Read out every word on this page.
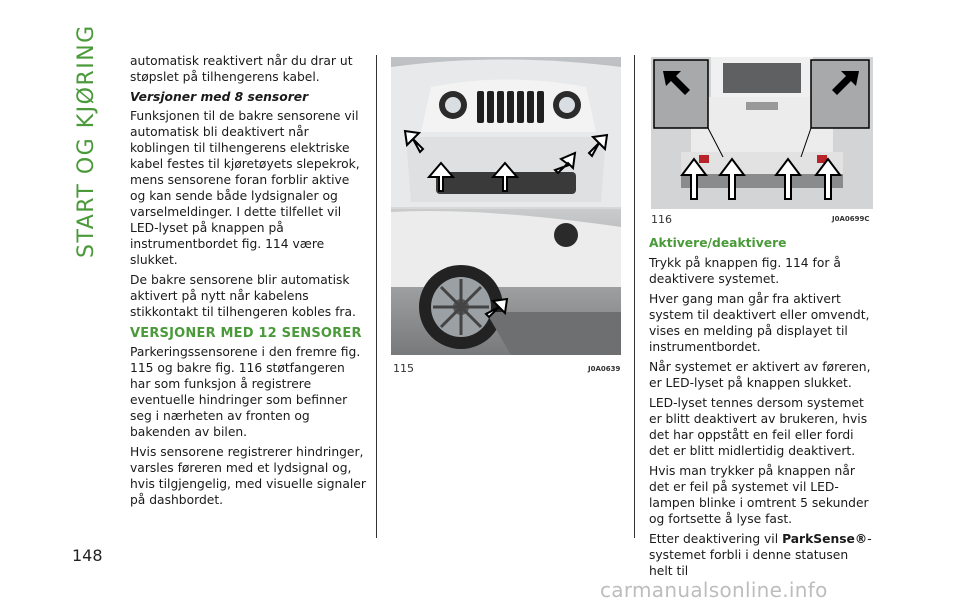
START OG KJØRING	automatisk reaktivert når du drar ut støpslet på tilhengerens kabel.

Versjoner med 8 sensorer

Funksjonen til de bakre sensorene vil automatisk bli deaktivert når koblingen til tilhengerens elektriske kabel festes til kjøretøyets slepekrok, mens sensorene foran forblir aktive og kan sende både lydsignaler og varselmeldinger. I dette tilfellet vil LED-lyset på knappen på instrumentbordet fig. 114 være slukket.

De bakre sensorene blir automatisk aktivert på nytt når kabelens stikkontakt til tilhengeren kobles fra.

VERSJONER MED 12 SENSORER

Parkeringssensorene i den fremre fig. 115 og bakre fig. 116 støtfangeren har som funksjon å registrere eventuelle hindringer som befinner seg i nærheten av fronten og bakenden av bilen.

Hvis sensorene registrerer hindringer, varsles føreren med et lydsignal og, hvis tilgjengelig, med visuelle signaler på dashbordet.

115	J0A0639
116	J0A0699C
Aktivere/deaktivere

Trykk på knappen fig. 114 for å deaktivere systemet.

Hver gang man går fra aktivert system til deaktivert eller omvendt, vises en melding på displayet til instrumentbordet.

Når systemet er aktivert av føreren, er LED-lyset på knappen slukket.

LED-lyset tennes dersom systemet er blitt deaktivert av brukeren, hvis det har oppstått en feil eller fordi det er blitt midlertidig deaktivert.

Hvis man trykker på knappen når det er feil på systemet vil LED-lampen blinke i omtrent 5 sekunder og fortsette å lyse fast.

Etter deaktivering vil ParkSense®-systemet forbli i denne statusen helt til

148
carmanualsonline.info
